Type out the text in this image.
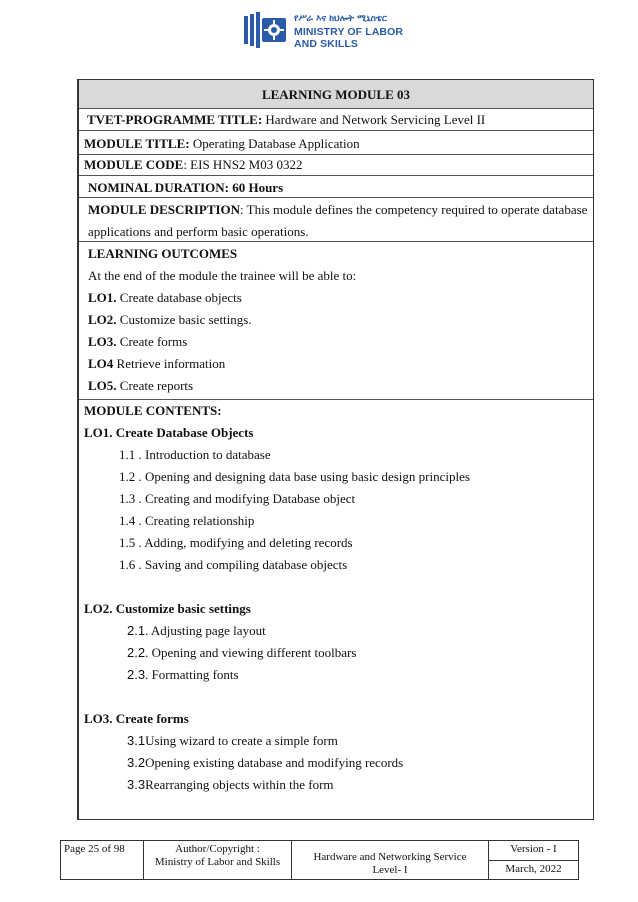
የሥራ እና ክህሎት ሚኒስቴር
MINISTRY OF LABOR
AND SKILLS
LEARNING MODULE 03
TVET-PROGRAMME TITLE: Hardware and Network Servicing Level II
MODULE TITLE: Operating Database Application
MODULE CODE: EIS HNS2 M03 0322
NOMINAL DURATION: 60 Hours
MODULE DESCRIPTION: This module defines the competency required to operate database
applications and perform basic operations.
LEARNING OUTCOMES
At the end of the module the trainee will be able to:
LO1. Create database objects
LO2. Customize basic settings.
LO3. Create forms
LO4 Retrieve information
LO5. Create reports
MODULE CONTENTS:
LO1. Create Database Objects
1.1 . Introduction to database
1.2 . Opening and designing data base using basic design principles
1.3 . Creating and modifying Database object
1.4 . Creating relationship
1.5 . Adding, modifying and deleting records
1.6 . Saving and compiling database objects
LO2. Customize basic settings
2.1. Adjusting page layout
2.2. Opening and viewing different toolbars
2.3. Formatting fonts
LO3. Create forms
3.1Using wizard to create a simple form
3.2Opening existing database and modifying records
3.3Rearranging objects within the form
Page 25 of 98	Author/Copyright :
Ministry of Labor and Skills	Hardware and Networking Service
Level- I
Version - I
March, 2022
